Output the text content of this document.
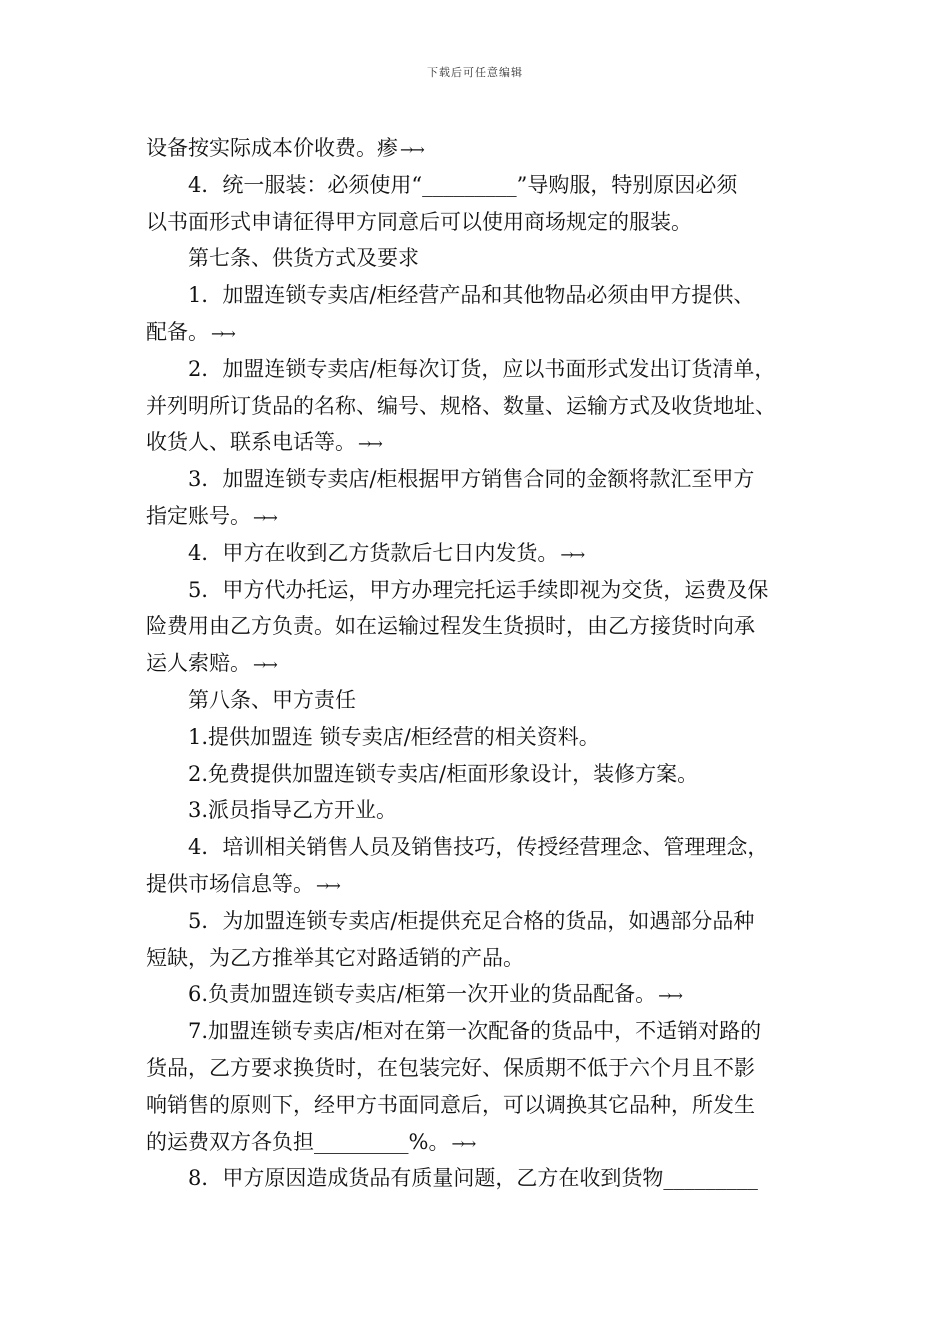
下载后可任意编辑
设备按实际成本价收费。瘆 →→
4．统一服装：必须使用“_________”导购服，特别原因必须
以书面形式申请征得甲方同意后可以使用商场规定的服装。
第七条、供货方式及要求
1．加盟连锁专卖店/柜经营产品和其他物品必须由甲方提供、
配备。 →→
2．加盟连锁专卖店/柜每次订货，应以书面形式发出订货清单，
并列明所订货品的名称、编号、规格、数量、运输方式及收货地址、
收货人、联系电话等。 →→
3．加盟连锁专卖店/柜根据甲方销售合同的金额将款汇至甲方
指定账号。 →→
4．甲方在收到乙方货款后七日内发货。 →→
5．甲方代办托运，甲方办理完托运手续即视为交货，运费及保
险费用由乙方负责。如在运输过程发生货损时，由乙方接货时向承
运人索赔。 →→
第八条、甲方责任
1.提供加盟连 锁专卖店/柜经营的相关资料。
2.免费提供加盟连锁专卖店/柜面形象设计，装修方案。
3.派员指导乙方开业。
4．培训相关销售人员及销售技巧，传授经营理念、管理理念，
提供市场信息等。 →→
5．为加盟连锁专卖店/柜提供充足合格的货品，如遇部分品种
短缺，为乙方推举其它对路适销的产品。
6.负责加盟连锁专卖店/柜第一次开业的货品配备。 →→
7.加盟连锁专卖店/柜对在第一次配备的货品中，不适销对路的
货品，乙方要求换货时，在包装完好、保质期不低于六个月且不影
响销售的原则下，经甲方书面同意后，可以调换其它品种，所发生
的运费双方各负担_________%。 →→
8．甲方原因造成货品有质量问题，乙方在收到货物_________
